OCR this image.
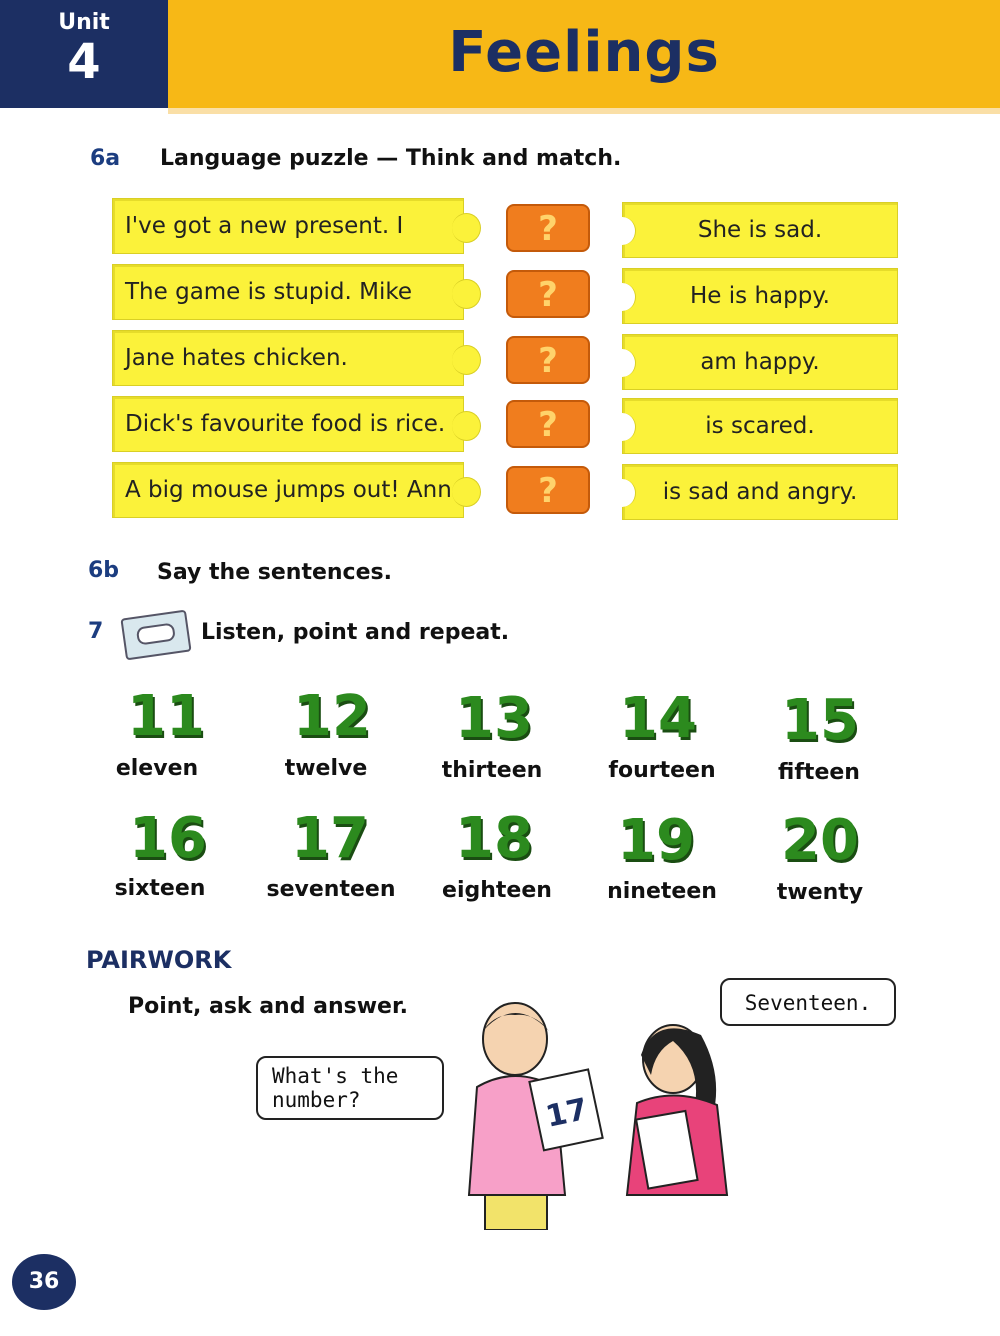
Unit
4	Feelings
6a Language puzzle — Think and match.
I've got a new present. I
The game is stupid. Mike
Jane hates chicken.
Dick's favourite food is rice.
A big mouse jumps out! Ann
?
?
?
?
?
She is sad.
He is happy.
am happy.
is scared.
is sad and angry.
6b Say the sentences.
7	Listen, point and repeat.
11
eleven
12
twelve
13
thirteen
14
fourteen
15
fifteen
16
sixteen
17
seventeen
18
eighteen
19
nineteen
20
twenty
PAIRWORK
Point, ask and answer.
What's the number?
Seventeen.
17
36
